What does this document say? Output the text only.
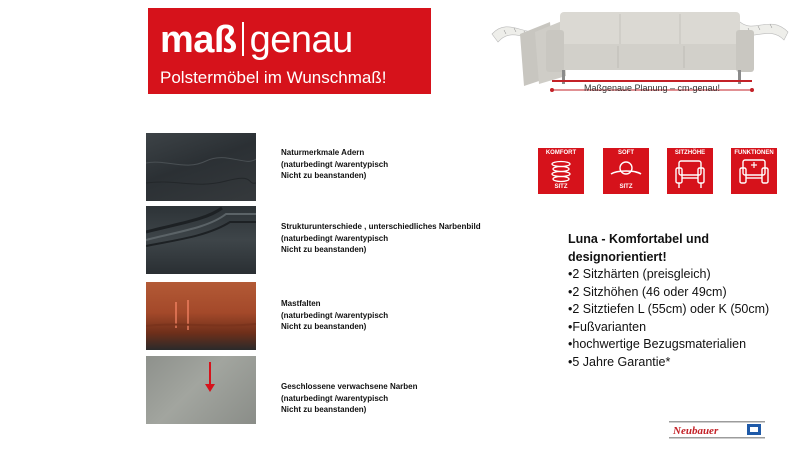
maß genau
Polstermöbel im Wunschmaß!
Maßgenaue Planung – cm-genau!
Naturmerkmale Adern
(naturbedingt /warentypisch
Nicht zu beanstanden)
Strukturunterschiede , unterschiedliches Narbenbild
(naturbedingt /warentypisch
Nicht zu beanstanden)
Mastfalten
(naturbedingt /warentypisch
Nicht zu beanstanden)
Geschlossene verwachsene Narben
(naturbedingt /warentypisch
Nicht zu beanstanden)
KOMFORT
SITZ
SOFT
SITZ
SITZHÖHE	FUNKTIONEN
Luna - Komfortabel und
designorientiert!
•2 Sitzhärten (preisgleich)
•2 Sitzhöhen (46 oder 49cm)
•2 Sitztiefen L (55cm) oder K (50cm)
•Fußvarianten
•hochwertige Bezugsmaterialien
•5 Jahre Garantie*
Neubauer
